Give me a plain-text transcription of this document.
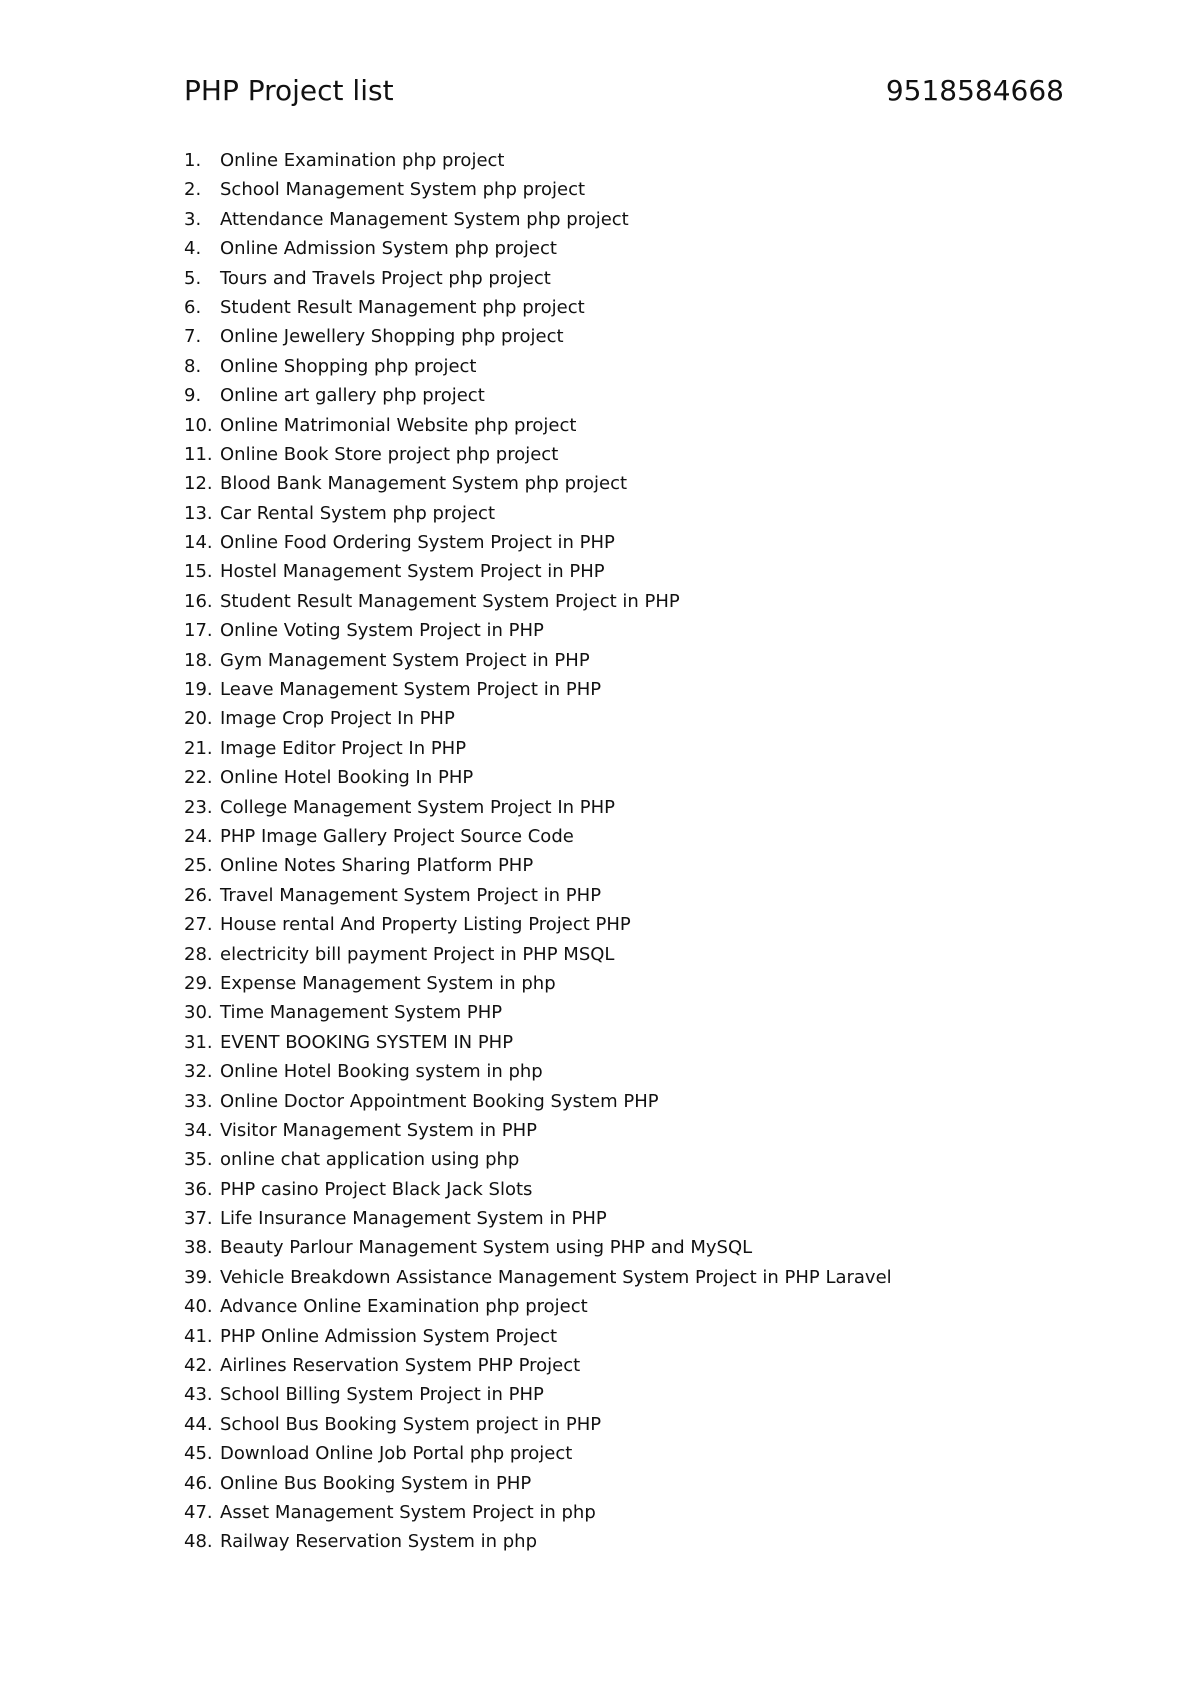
PHP Project list	9518584668
1. Online Examination php project
2. School Management System php project
3. Attendance Management System php project
4. Online Admission System php project
5. Tours and Travels Project php project
6. Student Result Management php project
7. Online Jewellery Shopping php project
8. Online Shopping php project
9. Online art gallery php project
10. Online Matrimonial Website php project
11. Online Book Store project php project
12. Blood Bank Management System php project
13. Car Rental System php project
14. Online Food Ordering System Project in PHP
15. Hostel Management System Project in PHP
16. Student Result Management System Project in PHP
17. Online Voting System Project in PHP
18. Gym Management System Project in PHP
19. Leave Management System Project in PHP
20. Image Crop Project In PHP
21. Image Editor Project In PHP
22. Online Hotel Booking In PHP
23. College Management System Project In PHP
24. PHP Image Gallery Project Source Code
25. Online Notes Sharing Platform PHP
26. Travel Management System Project in PHP
27. House rental And Property Listing Project PHP
28. electricity bill payment Project in PHP MSQL
29. Expense Management System in php
30. Time Management System PHP
31. EVENT BOOKING SYSTEM IN PHP
32. Online Hotel Booking system in php
33. Online Doctor Appointment Booking System PHP
34. Visitor Management System in PHP
35. online chat application using php
36. PHP casino Project Black Jack Slots
37. Life Insurance Management System in PHP
38. Beauty Parlour Management System using PHP and MySQL
39. Vehicle Breakdown Assistance Management System Project in PHP Laravel
40. Advance Online Examination php project
41. PHP Online Admission System Project
42. Airlines Reservation System PHP Project
43. School Billing System Project in PHP
44. School Bus Booking System project in PHP
45. Download Online Job Portal php project
46. Online Bus Booking System in PHP
47. Asset Management System Project in php
48. Railway Reservation System in php
